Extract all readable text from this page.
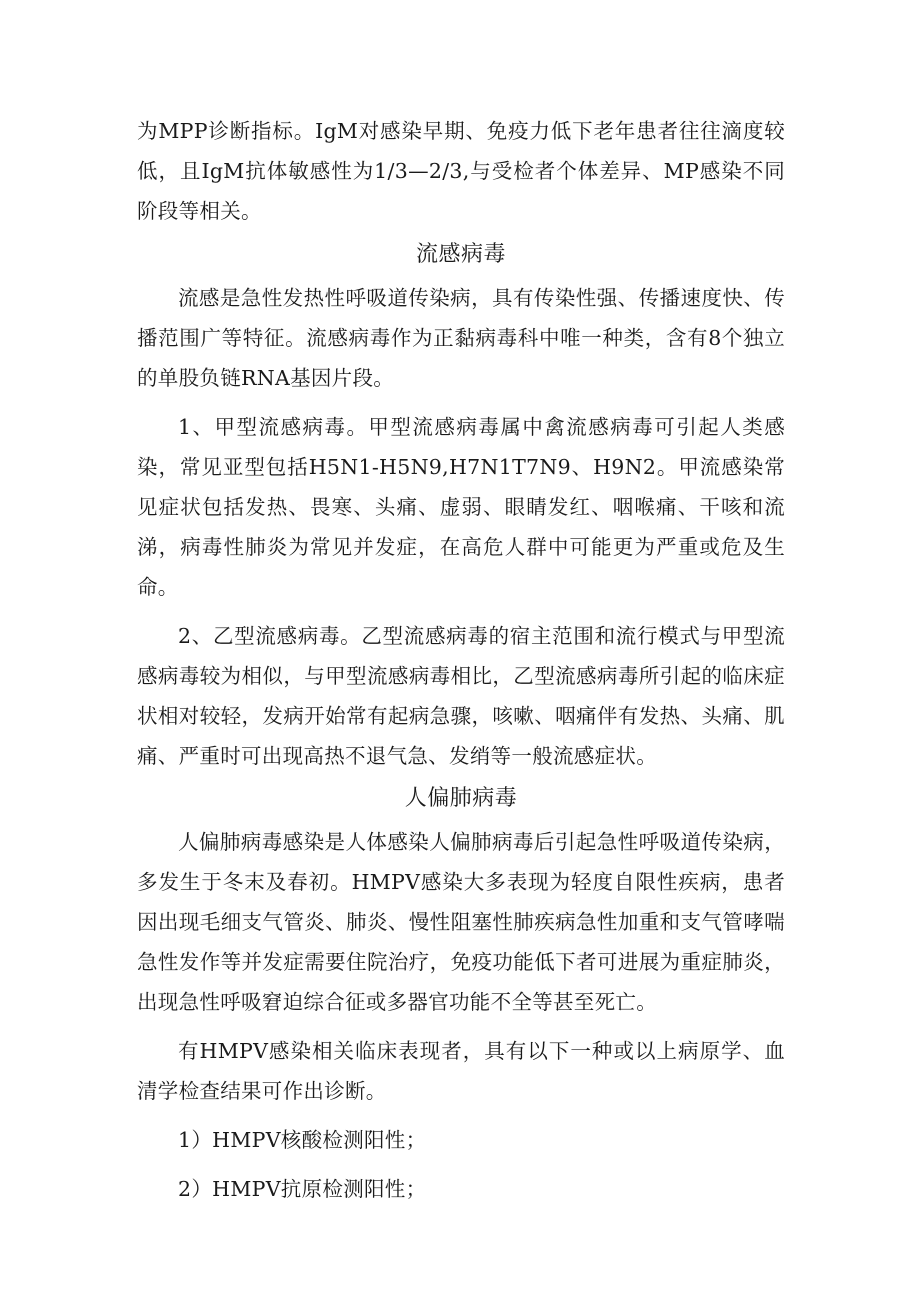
为MPP诊断指标。IgM对感染早期、免疫力低下老年患者往往滴度较低，且IgM抗体敏感性为1/3—2/3,与受检者个体差异、MP感染不同阶段等相关。

流感病毒

流感是急性发热性呼吸道传染病，具有传染性强、传播速度快、传播范围广等特征。流感病毒作为正黏病毒科中唯一种类，含有8个独立的单股负链RNA基因片段。

1、甲型流感病毒。甲型流感病毒属中禽流感病毒可引起人类感染，常见亚型包括H5N1-H5N9,H7N1T7N9、H9N2。甲流感染常见症状包括发热、畏寒、头痛、虚弱、眼睛发红、咽喉痛、干咳和流涕，病毒性肺炎为常见并发症，在高危人群中可能更为严重或危及生命。

2、乙型流感病毒。乙型流感病毒的宿主范围和流行模式与甲型流感病毒较为相似，与甲型流感病毒相比，乙型流感病毒所引起的临床症状相对较轻，发病开始常有起病急骤，咳嗽、咽痛伴有发热、头痛、肌痛、严重时可出现高热不退气急、发绡等一般流感症状。

人偏肺病毒

人偏肺病毒感染是人体感染人偏肺病毒后引起急性呼吸道传染病，多发生于冬末及春初。HMPV感染大多表现为轻度自限性疾病，患者因出现毛细支气管炎、肺炎、慢性阻塞性肺疾病急性加重和支气管哮喘急性发作等并发症需要住院治疗，免疫功能低下者可进展为重症肺炎，出现急性呼吸窘迫综合征或多器官功能不全等甚至死亡。

有HMPV感染相关临床表现者，具有以下一种或以上病原学、血清学检查结果可作出诊断。

1）HMPV核酸检测阳性；

2）HMPV抗原检测阳性；
